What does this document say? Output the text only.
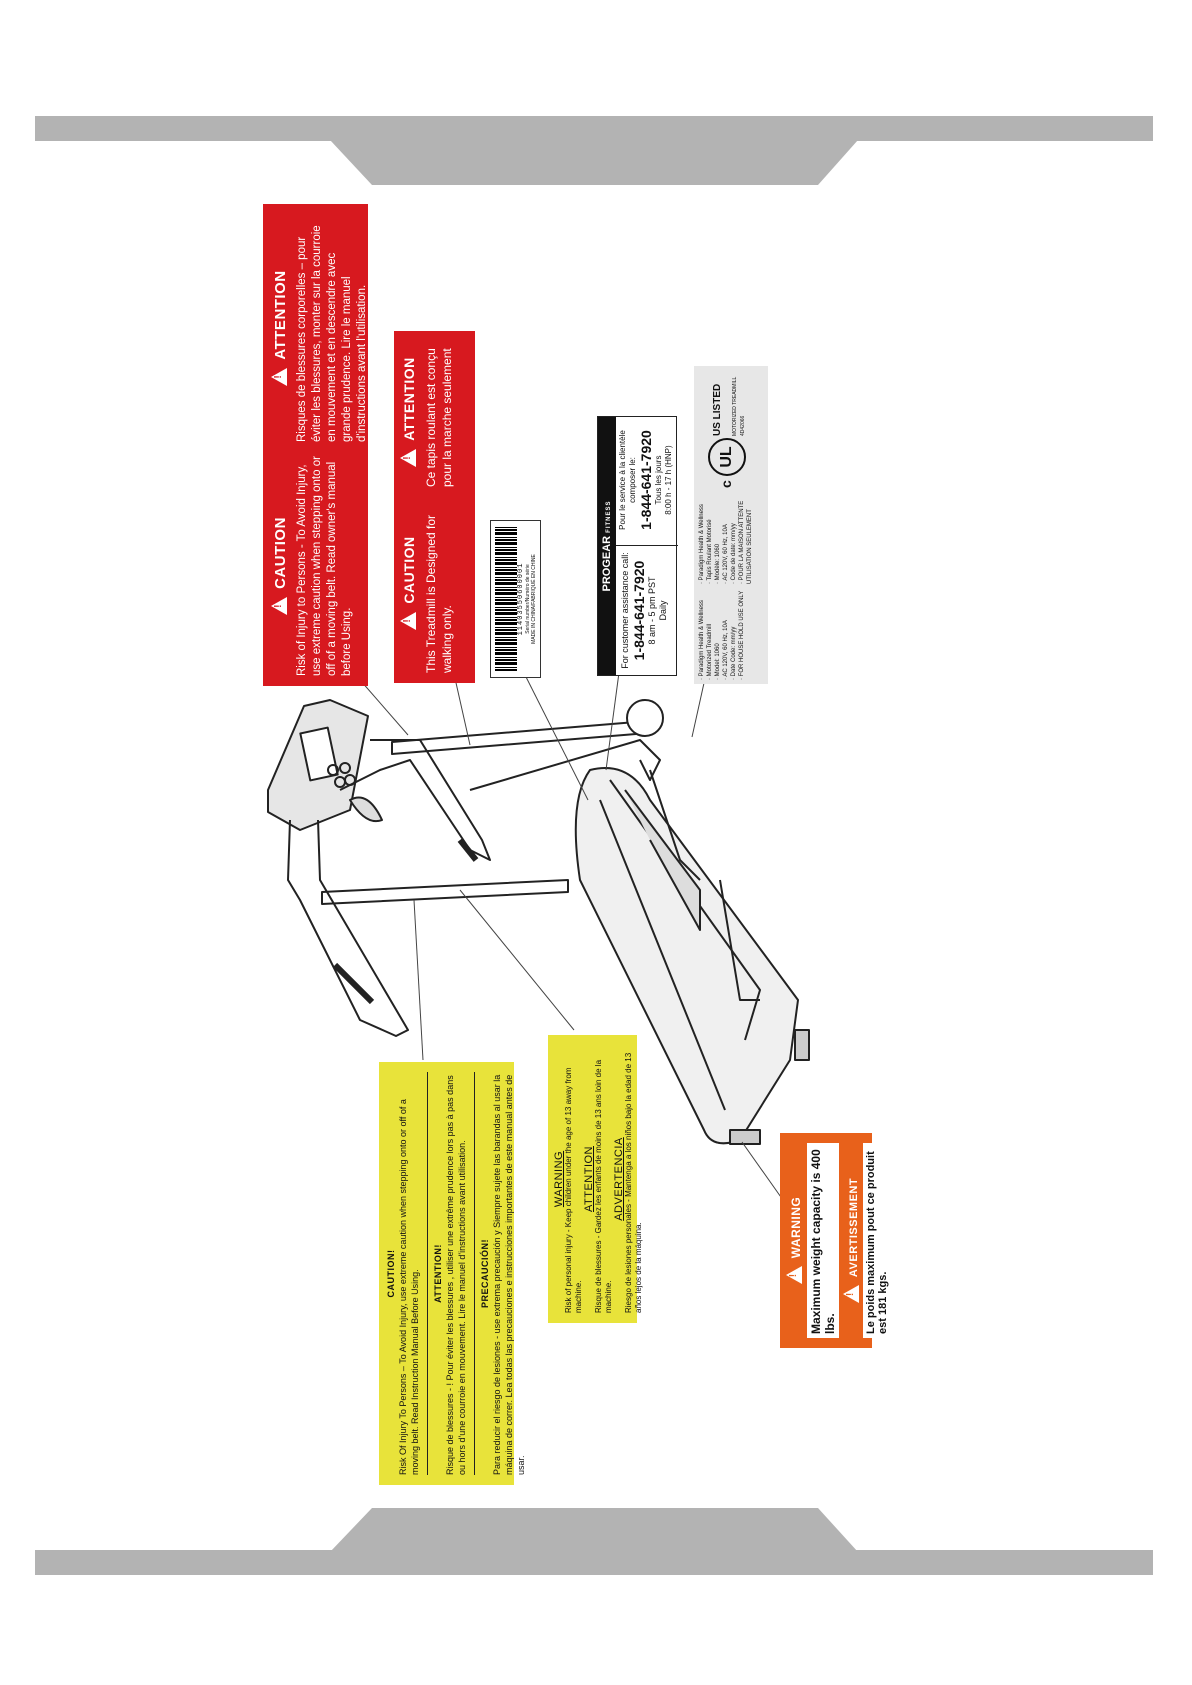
!CAUTION Risk of Injury to Persons - To Avoid Injury, use extreme caution when stepping onto or off of a moving belt. Read owner's manual before Using.
!ATTENTION Risques de blessures corporelles – pour éviter les blessures, monter sur la courroie en mouvement et en descendre avec grande prudence. Lire le manuel d'instructions avant l'utilisation.
!CAUTION This Treadmill is Designed for walking only.
!ATTENTION Ce tapis roulant est conçu pour la marche seulement
11403550600001 Serial number/Numéro de série MADE IN CHINA/FABRIQUÉ EN CHINE	PROGEAR FITNESS
For customer assistance call: 1-844-641-7920 8 am - 5 pm PST Daily
Pour le service à la clientèle composer le: 1-844-641-7920 Tous les jours 8:00 h - 17 h (HNP)
· Paradigm Health & Wellness · Motorized Treadmill · Model: 1060 · AC 120V, 60 Hz, 10A · Date Code: mm/yy · FOR HOUSE HOLD USE ONLY
· Paradigm Health & Wellness · Tapis Roulant Motorisé · Modèle: 1060 · AC 120V, 60 Hz, 10A · Code de date: mm/yy · POUR LA MAISON ATTENTE UTILISATION SEULEMENT
c
UL
US LISTED MOTORIZED TREADMILL 4D42066
CAUTION! Risk Of Injury To Persons – To Avoid Injury, use extreme caution when stepping onto or off of a moving belt. Read Instruction Manual Before Using.	ATTENTION! Risque de blessures - ! Pour éviter les blessures , utiliser une extrême prudence lors pas à pas dans ou hors d'une courroie en mouvement. Lire le manuel d'instructions avant utilisation.	PRECAUCIÓN! Para reducir el riesgo de lesiones - use extrema precaución y Siempre sujete las barandas al usar la máquina de correr. Lea todas las precauciones e instrucciones importantes de este manual antes de usar.
WARNING Risk of personal injury - Keep children under the age of 13 away from machine.
ATTENTION Risque de blessures - Gardez les enfants de moins de 13 ans loin de la machine.
ADVERTENCIA Riesgo de lesiones personales - Mantenga a los niños bajo la edad de 13 años lejos de la máquina.
!	WARNING Maximum weight capacity is 400 lbs.
!AVERTISSEMENT Le poids maximum pout ce produit est 181 kgs.
